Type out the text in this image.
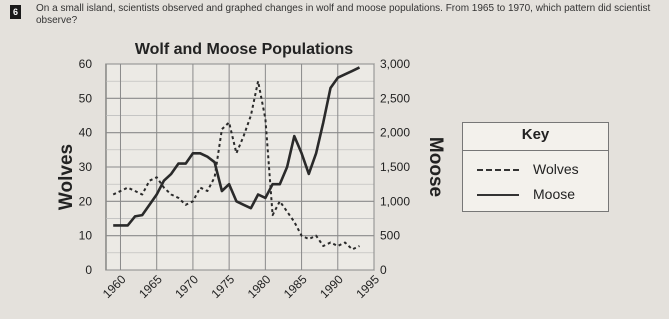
6	On a small island, scientists observed and graphed changes in wolf and moose populations. From 1965 to 1970, which pattern did scientist observe?
Wolf and Moose Populations
0
10
20
30
40
50
60
0
500
1,000
1,500
2,000
2,500
3,000
1960 1965 1970 1975 1980 1985 1990 1995
Wolves	Moose
Key
Wolves
Moose
